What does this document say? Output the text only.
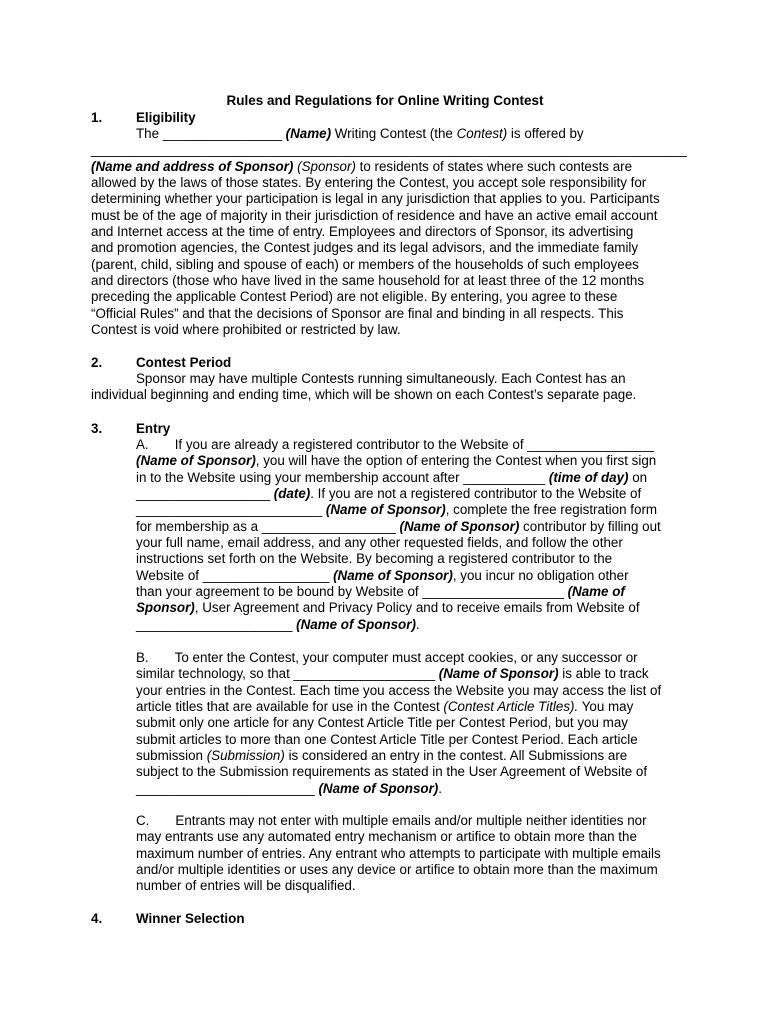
Rules and Regulations for Online Writing Contest
1.	Eligibility
The ________________ (Name) Writing Contest (the Contest) is offered by
________________________________________________________________________________
(Name and address of Sponsor) (Sponsor) to residents of states where such contests are
allowed by the laws of those states. By entering the Contest, you accept sole responsibility for
determining whether your participation is legal in any jurisdiction that applies to you. Participants
must be of the age of majority in their jurisdiction of residence and have an active email account
and Internet access at the time of entry. Employees and directors of Sponsor, its advertising
and promotion agencies, the Contest judges and its legal advisors, and the immediate family
(parent, child, sibling and spouse of each) or members of the households of such employees
and directors (those who have lived in the same household for at least three of the 12 months
preceding the applicable Contest Period) are not eligible. By entering, you agree to these
“Official Rules” and that the decisions of Sponsor are final and binding in all respects. This
Contest is void where prohibited or restricted by law.
2.	Contest Period
Sponsor may have multiple Contests running simultaneously. Each Contest has an
individual beginning and ending time, which will be shown on each Contest’s separate page.
3.	Entry
A.       If you are already a registered contributor to the Website of _________________
(Name of Sponsor), you will have the option of entering the Contest when you first sign
in to the Website using your membership account after ___________ (time of day) on
__________________ (date). If you are not a registered contributor to the Website of
_________________________ (Name of Sponsor), complete the free registration form
for membership as a __________________ (Name of Sponsor) contributor by filling out
your full name, email address, and any other requested fields, and follow the other
instructions set forth on the Website. By becoming a registered contributor to the
Website of _________________ (Name of Sponsor), you incur no obligation other
than your agreement to be bound by Website of ___________________ (Name of
Sponsor), User Agreement and Privacy Policy and to receive emails from Website of
_____________________ (Name of Sponsor).
B.       To enter the Contest, your computer must accept cookies, or any successor or
similar technology, so that ___________________ (Name of Sponsor) is able to track
your entries in the Contest. Each time you access the Website you may access the list of
article titles that are available for use in the Contest (Contest Article Titles). You may
submit only one article for any Contest Article Title per Contest Period, but you may
submit articles to more than one Contest Article Title per Contest Period. Each article
submission (Submission) is considered an entry in the contest. All Submissions are
subject to the Submission requirements as stated in the User Agreement of Website of
________________________ (Name of Sponsor).
C.       Entrants may not enter with multiple emails and/or multiple neither identities nor
may entrants use any automated entry mechanism or artifice to obtain more than the
maximum number of entries. Any entrant who attempts to participate with multiple emails
and/or multiple identities or uses any device or artifice to obtain more than the maximum
number of entries will be disqualified.
4.	Winner Selection
